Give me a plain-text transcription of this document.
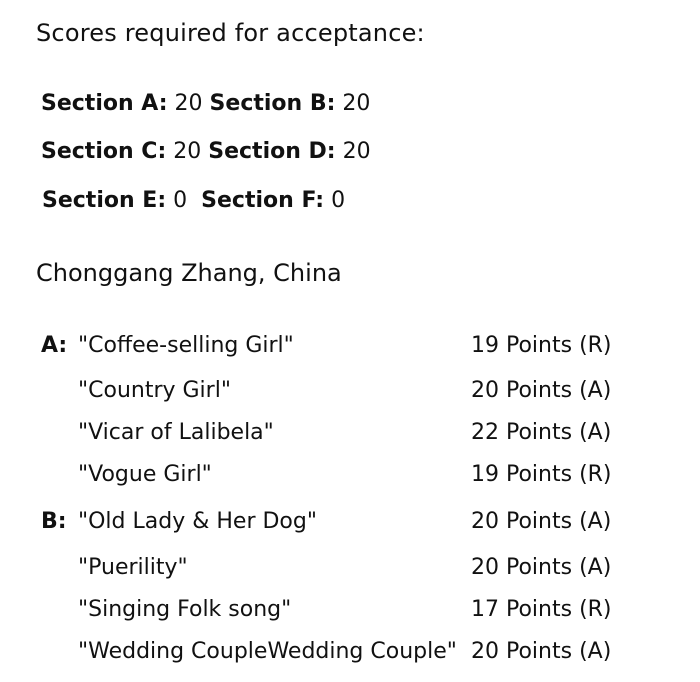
Scores required for acceptance:
Section A: 20 Section B: 20
Section C: 20 Section D: 20
Section E: 0 Section F: 0
Chonggang Zhang, China
A: "Coffee-selling Girl"	19 Points (R)
"Country Girl"	20 Points (A)
"Vicar of Lalibela"	22 Points (A)
"Vogue Girl"	19 Points (R)
B: "Old Lady & Her Dog"	20 Points (A)
"Puerility"	20 Points (A)
"Singing Folk song"	17 Points (R)
"Wedding CoupleWedding Couple" 20 Points (A)
